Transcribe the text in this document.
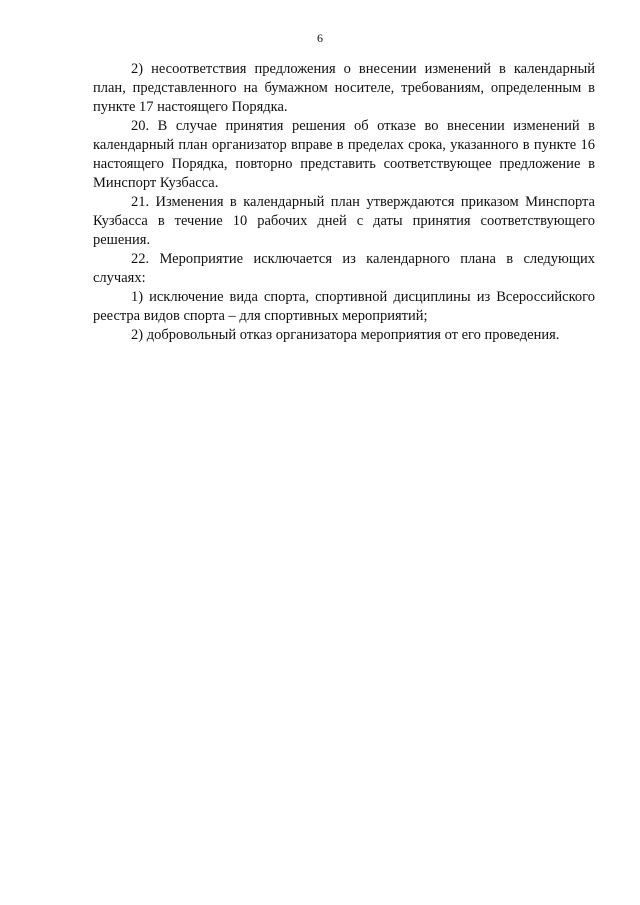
6

2) несоответствия предложения о внесении изменений в календарный план, представленного на бумажном носителе, требованиям, определенным в пункте 17 настоящего Порядка.

20. В случае принятия решения об отказе во внесении изменений в календарный план организатор вправе в пределах срока, указанного в пункте 16 настоящего Порядка, повторно представить соответствующее предложение в Минспорт Кузбасса.

21. Изменения в календарный план утверждаются приказом Минспорта Кузбасса в течение 10 рабочих дней с даты принятия соответствующего решения.

22. Мероприятие исключается из календарного плана в следующих случаях:

1) исключение вида спорта, спортивной дисциплины из Всероссийского реестра видов спорта – для спортивных мероприятий;

2) добровольный отказ организатора мероприятия от его проведения.
